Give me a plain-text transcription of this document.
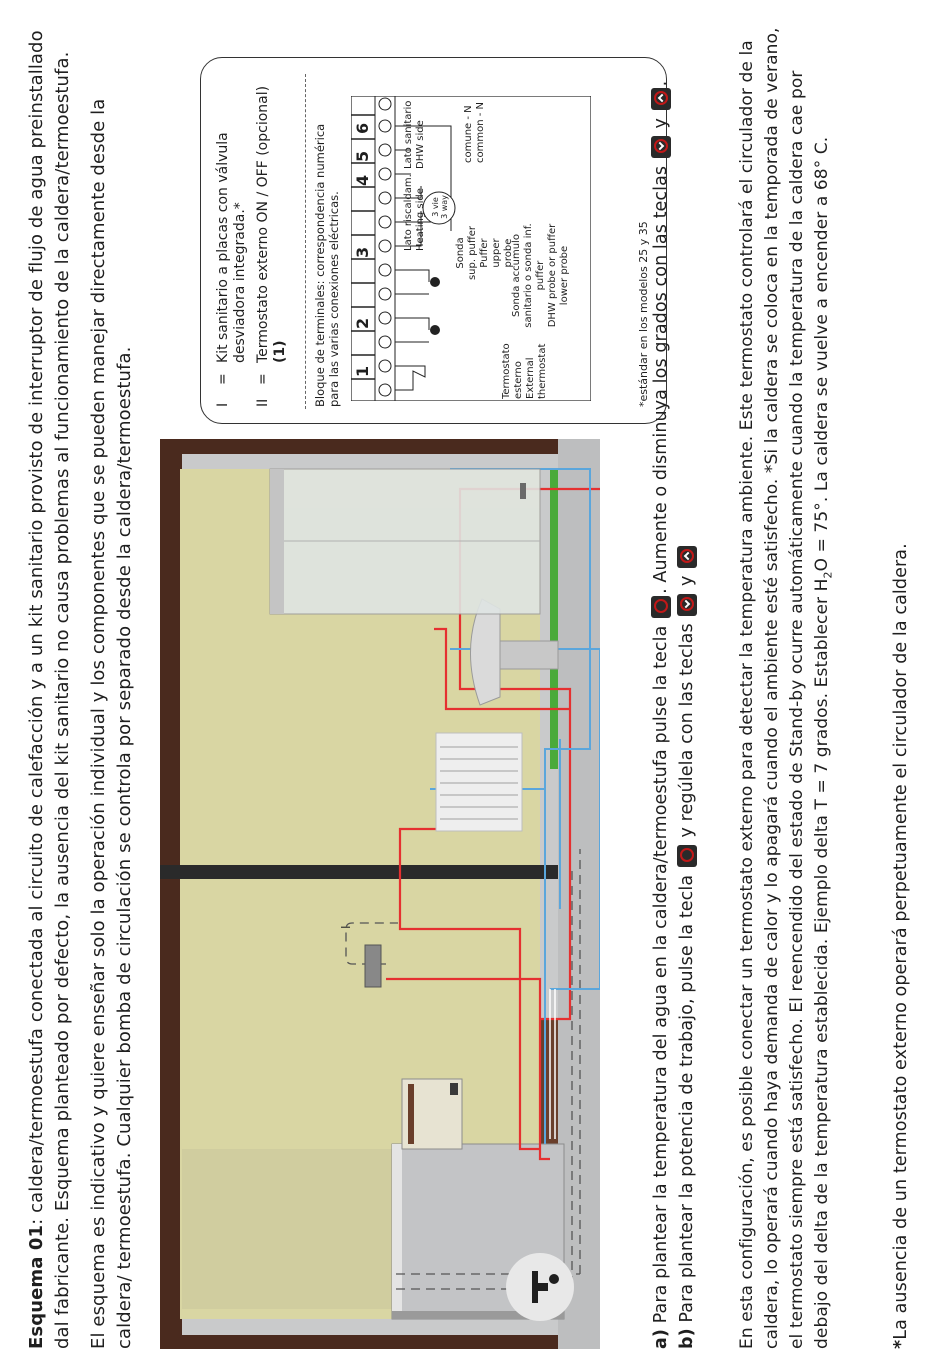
Esquema 01: caldera/termoestufa conectada al circuito de calefacción y a un kit sanitario provisto de interruptor de flujo de agua preinstallado dal fabricante. Esquema planteado por defecto, la ausencia del kit sanitario no causa problemas al funcionamiento de la caldera/termoestufa. El esquema es indicativo y quiere enseñar solo la operación individual y los componentes que se pueden manejar directamente desde la caldera/ termoestufa. Cualquier bomba de circulación se controla por separado desde la caldera/termoestufa.	I
I
=
Kit sanitario a placas con válvula desviadora integrada.*
II
=
Termostato externo ON / OFF (opcional) (1) Bloque de terminales: correspondencia numérica para las varias conexiones eléctricas. 1
2
3
4
5
6
Termostato esterno External thermostat
Sonda accumulo sanitario o sonda inf. puffer DHW probe or puffer lower probe
Sonda sup. puffer Puffer upper probe
Lato riscaldam. Heating side 3 vie 3 way
Lato sanitario DHW side	comune - N common - N

*estándar en los modelos 25 y 35

a) Para plantear la temperatura del agua en la caldera/termoestufa pulse la tecla . Aumente o disminuya los grados con las teclas  y .
b) Para plantear la potencia de trabajo, pulse la tecla  y regúlela con las teclas  y En esta configuración, es posible conectar un termostato externo para detectar la temperatura ambiente. Este termostato controlará el circulador de la caldera, lo operará cuando haya demanda de calor y lo apagará cuando el ambiente esté satisfecho. *Si la caldera se coloca en la temporada de verano, el termostato siempre está satisfecho. El reencendido del estado de Stand-by ocurre automáticamente cuando la temperatura de la caldera cae por debajo del delta de la temperatura establecida. Ejemplo delta T = 7 grados. Establecer $H_2O = 75^\circ$. La caldera se vuelve a encender a 68° C.

*La ausencia de un termostato externo operará perpetuamente el circulador de la caldera.
